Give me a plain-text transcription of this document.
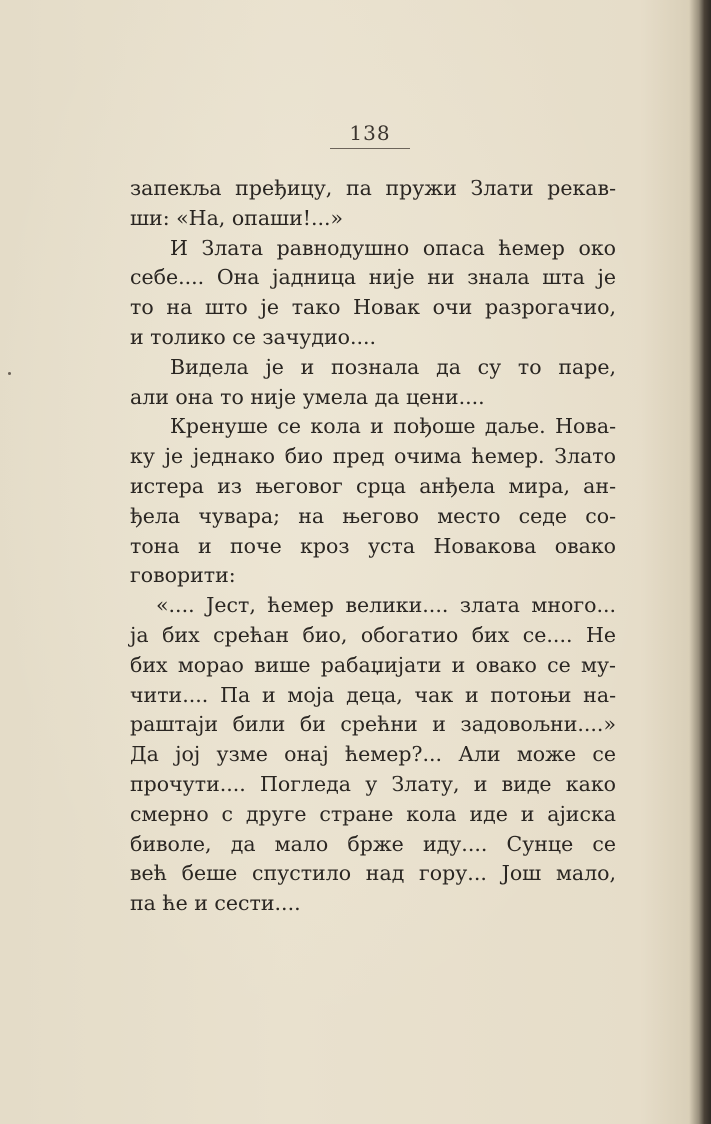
138
запекља пређицу, па пружи Злати рекав-
ши: «На, опаши!...»
И Злата равнодушно опаса ћемер око
себе.... Она јадница није ни знала шта је
то на што је тако Новак очи разрогачио,
и толико се зачудио....
Видела је и познала да су то паре,
али она то није умела да цени....
Кренуше се кола и пођоше даље. Нова-
ку је једнако био пред очима ћемер. Злато
истера из његовог срца анђела мира, ан-
ђела чувара; на његово место седе со-
тона и поче кроз уста Новакова овако
говорити:
«.... Јест, ћемер велики.... злата много...
ја бих срећан био, обогатио бих се.... Не
бих морао више рабаџијати и овако се му-
чити.... Па и моја деца, чак и потоњи на-
раштаји били би срећни и задовољни....»
Да јој узме онај ћемер?... Али може се
прочути.... Погледа у Злату, и виде како
смерно с друге стране кола иде и ајиска
биволе, да мало брже иду.... Сунце се
већ беше спустило над гору... Још мало,
па ће и сести....
